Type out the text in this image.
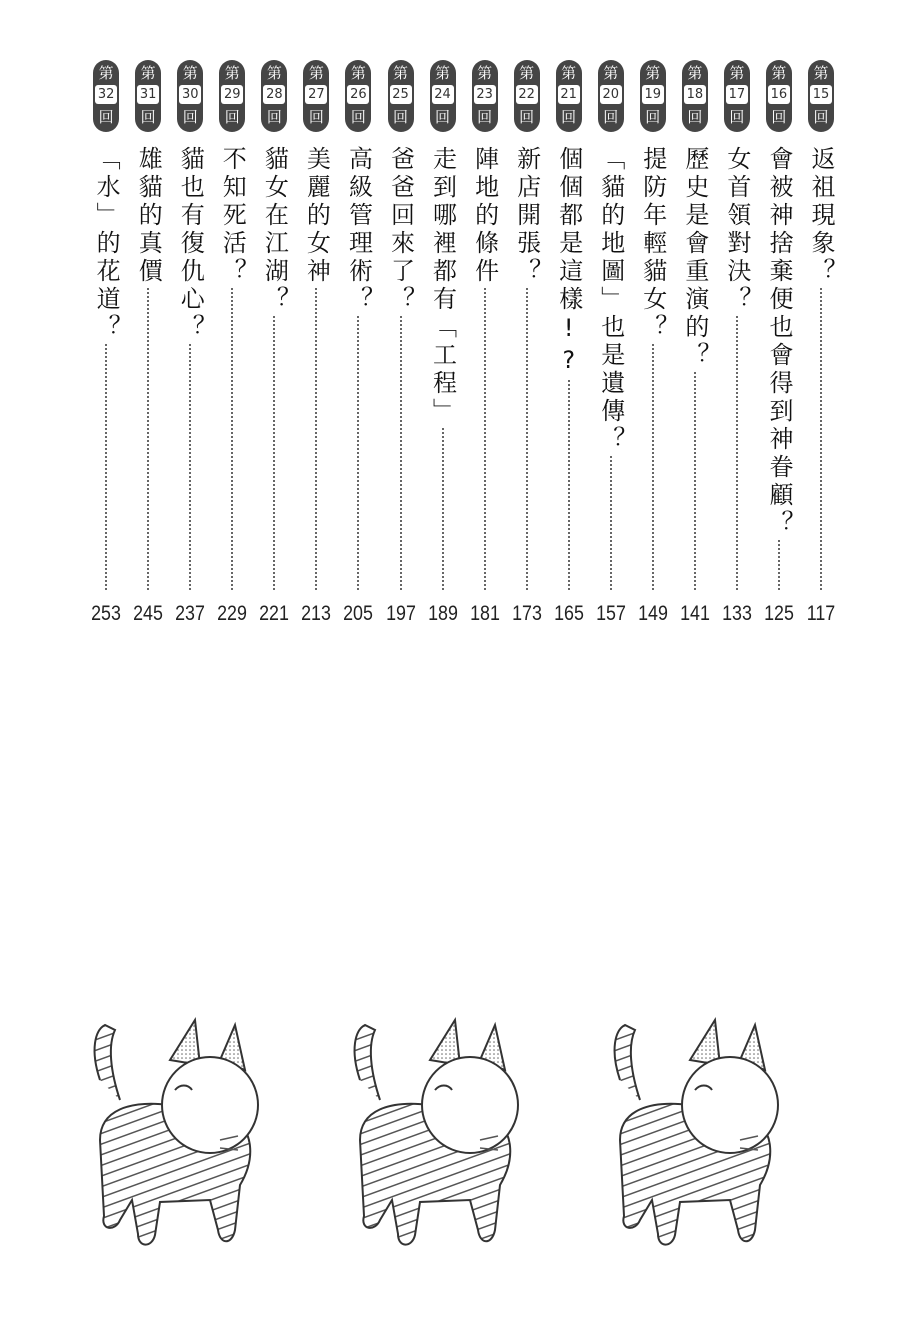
第
15
回
返祖現象？
117
第
16
回
會被神捨棄便也會得到神眷顧？
125
第
17
回
女首領對決？
133
第
18
回
歷史是會重演的？
141
第
19
回
提防年輕貓女？
149
第
20
回
「貓的地圖」也是遺傳？
157
第
21
回
個個都是這樣!?
165
第
22
回
新店開張？
173
第
23
回
陣地的條件
181
第
24
回
走到哪裡都有「工程」
189
第
25
回
爸爸回來了？
197
第
26
回
高級管理術？
205
第
27
回
美麗的女神
213
第
28
回
貓女在江湖？
221
第
29
回
不知死活？
229
第
30
回
貓也有復仇心？
237
第
31
回
雄貓的真價
245
第
32
回
「水」的花道？
253
